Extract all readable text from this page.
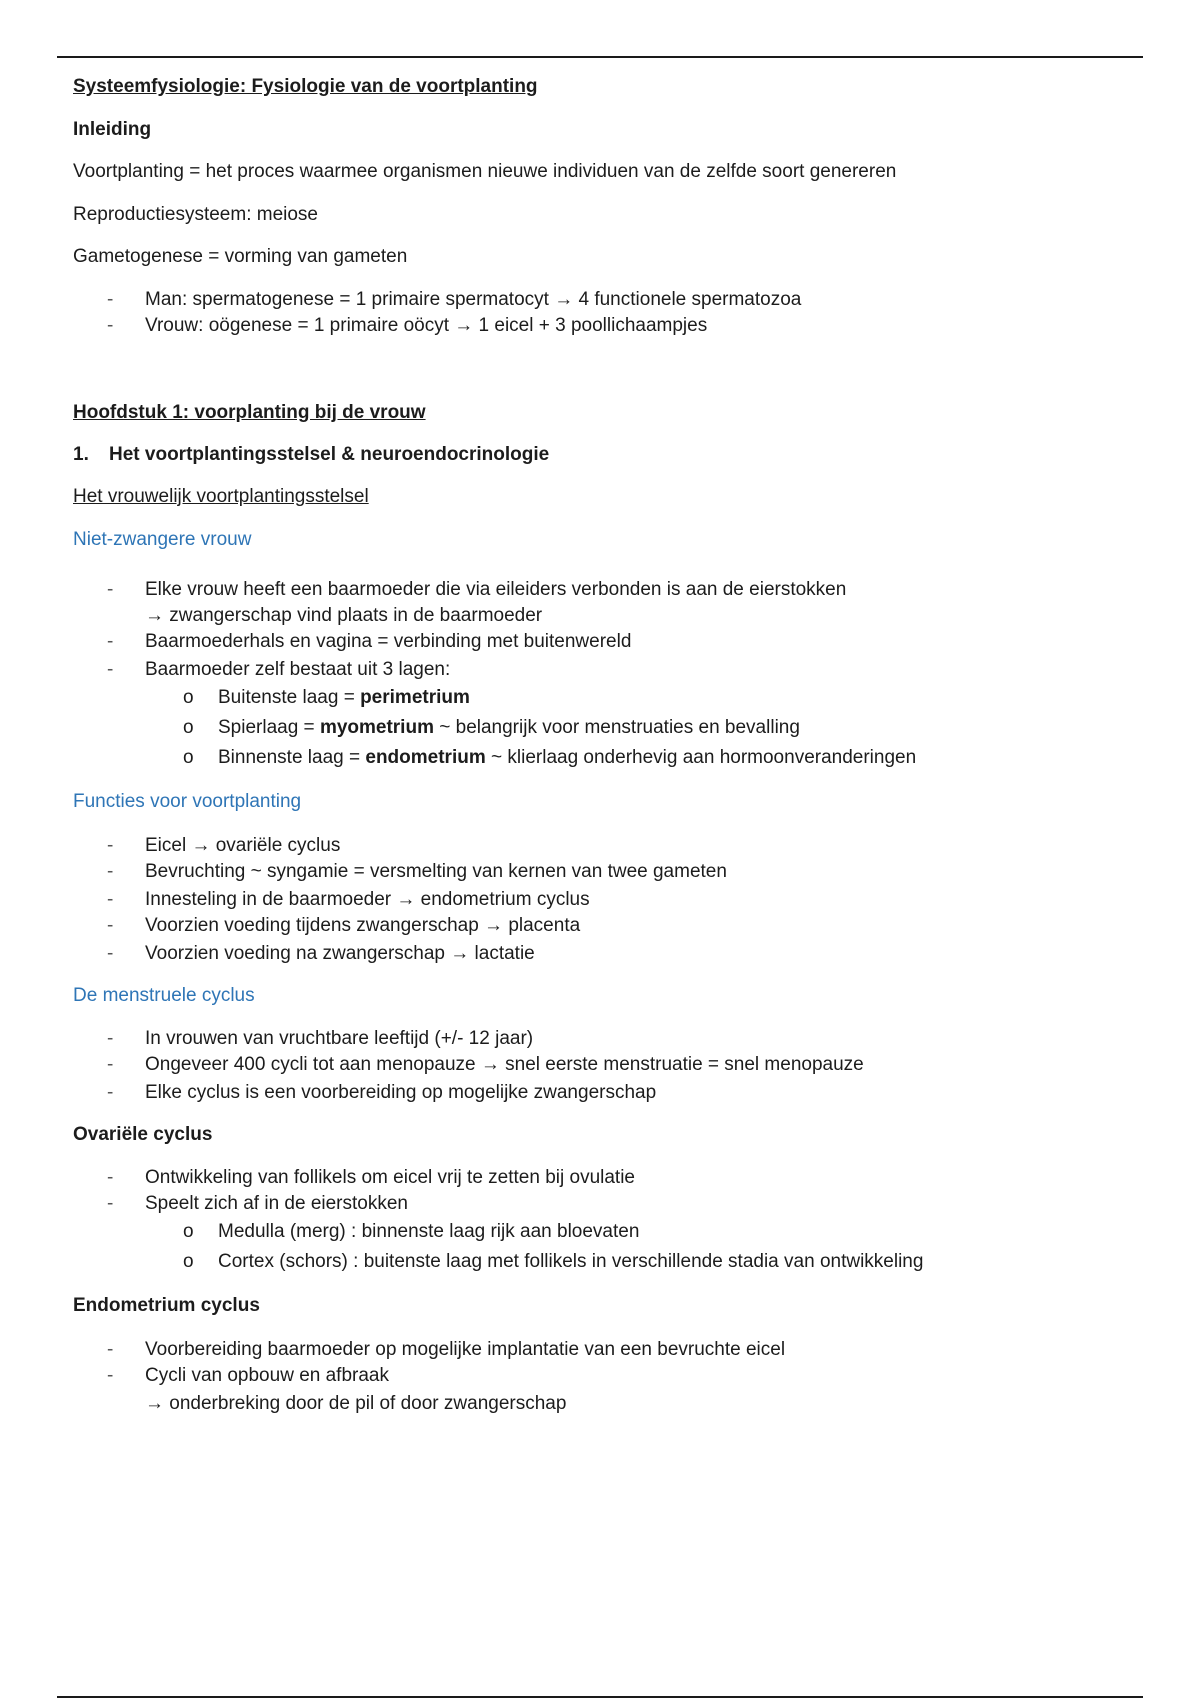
Systeemfysiologie: Fysiologie van de voortplanting

Inleiding

Voortplanting = het proces waarmee organismen nieuwe individuen van de zelfde soort genereren

Reproductiesysteem: meiose

Gametogenese = vorming van gameten

- Man: spermatogenese = 1 primaire spermatocyt → 4 functionele spermatozoa
- Vrouw: oögenese = 1 primaire oöcyt → 1 eicel + 3 poollichaampjes

Hoofdstuk 1: voorplanting bij de vrouw

1. Het voortplantingsstelsel & neuroendocrinologie

Het vrouwelijk voortplantingsstelsel

Niet-zwangere vrouw

- Elke vrouw heeft een baarmoeder die via eileiders verbonden is aan de eierstokken
→ zwangerschap vind plaats in de baarmoeder
- Baarmoederhals en vagina = verbinding met buitenwereld
- Baarmoeder zelf bestaat uit 3 lagen:
o Buitenste laag = perimetrium
o Spierlaag = myometrium ~ belangrijk voor menstruaties en bevalling
o Binnenste laag = endometrium ~ klierlaag onderhevig aan hormoonveranderingen

Functies voor voortplanting

- Eicel → ovariële cyclus
- Bevruchting ~ syngamie = versmelting van kernen van twee gameten
- Innesteling in de baarmoeder → endometrium cyclus
- Voorzien voeding tijdens zwangerschap → placenta
- Voorzien voeding na zwangerschap → lactatie

De menstruele cyclus

- In vrouwen van vruchtbare leeftijd (+/- 12 jaar)
- Ongeveer 400 cycli tot aan menopauze → snel eerste menstruatie = snel menopauze
- Elke cyclus is een voorbereiding op mogelijke zwangerschap

Ovariële cyclus

- Ontwikkeling van follikels om eicel vrij te zetten bij ovulatie
- Speelt zich af in de eierstokken
o Medulla (merg) : binnenste laag rijk aan bloevaten
o Cortex (schors) : buitenste laag met follikels in verschillende stadia van ontwikkeling

Endometrium cyclus

- Voorbereiding baarmoeder op mogelijke implantatie van een bevruchte eicel
- Cycli van opbouw en afbraak
→ onderbreking door de pil of door zwangerschap
